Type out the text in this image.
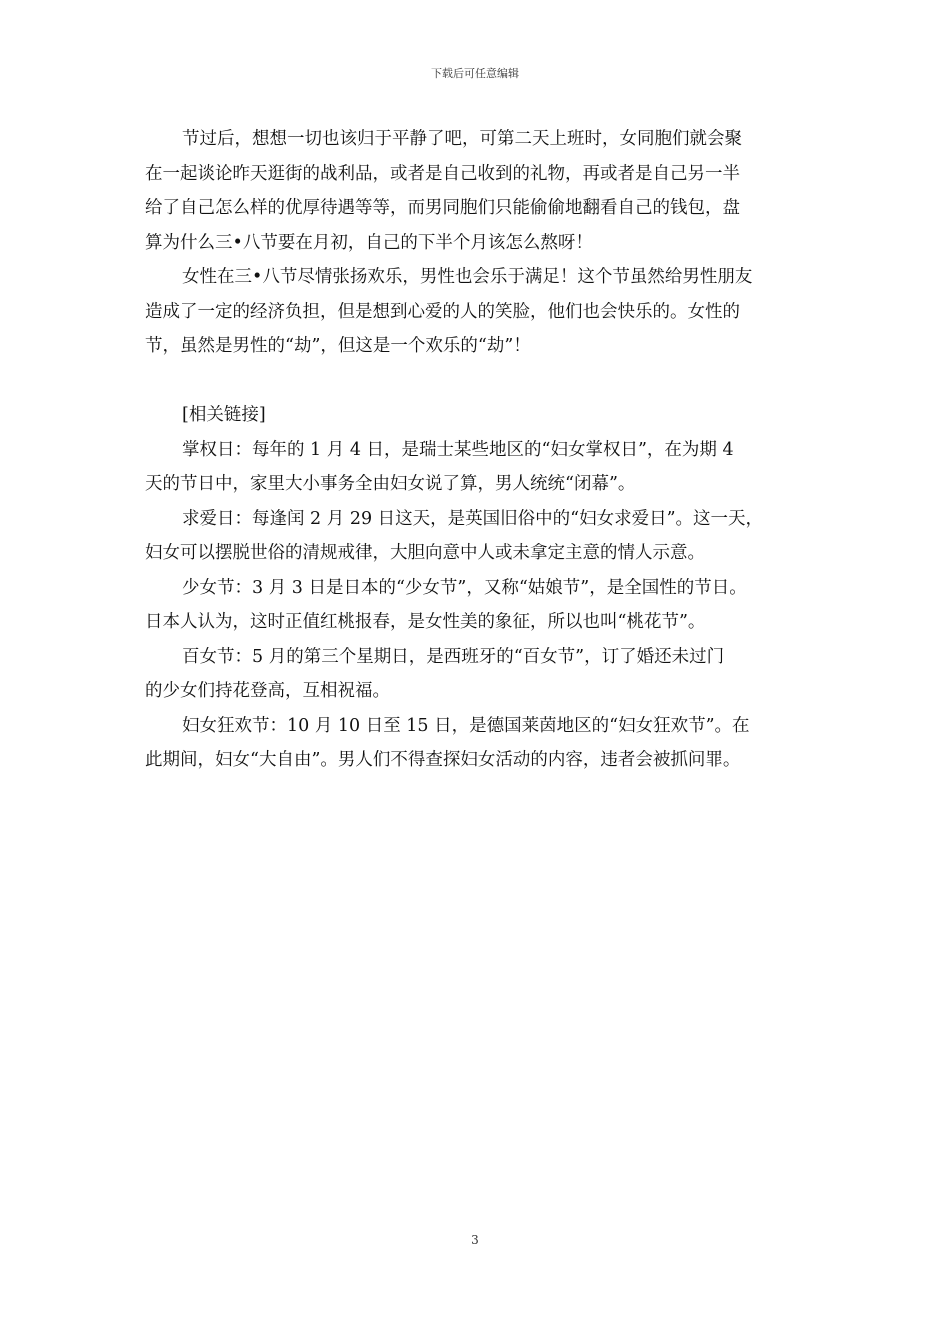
下载后可任意编辑
节过后，想想一切也该归于平静了吧，可第二天上班时，女同胞们就会聚
在一起谈论昨天逛街的战利品，或者是自己收到的礼物，再或者是自己另一半
给了自己怎么样的优厚待遇等等，而男同胞们只能偷偷地翻看自己的钱包，盘
算为什么三•八节要在月初，自己的下半个月该怎么熬呀！
女性在三•八节尽情张扬欢乐，男性也会乐于满足！这个节虽然给男性朋友
造成了一定的经济负担，但是想到心爱的人的笑脸，他们也会快乐的。女性的
节，虽然是男性的“劫”，但这是一个欢乐的“劫”！
[相关链接]
掌权日：每年的 1 月 4 日，是瑞士某些地区的“妇女掌权日”，在为期 4
天的节日中，家里大小事务全由妇女说了算，男人统统“闭幕”。
求爱日：每逢闰 2 月 29 日这天，是英国旧俗中的“妇女求爱日”。这一天，
妇女可以摆脱世俗的清规戒律，大胆向意中人或未拿定主意的情人示意。
少女节：3 月 3 日是日本的“少女节”，又称“姑娘节”，是全国性的节日。
日本人认为，这时正值红桃报春，是女性美的象征，所以也叫“桃花节”。
百女节：5 月的第三个星期日，是西班牙的“百女节”，订了婚还未过门
的少女们持花登高，互相祝福。
妇女狂欢节：10 月 10 日至 15 日，是德国莱茵地区的“妇女狂欢节”。在
此期间，妇女“大自由”。男人们不得查探妇女活动的内容，违者会被抓问罪。
3
